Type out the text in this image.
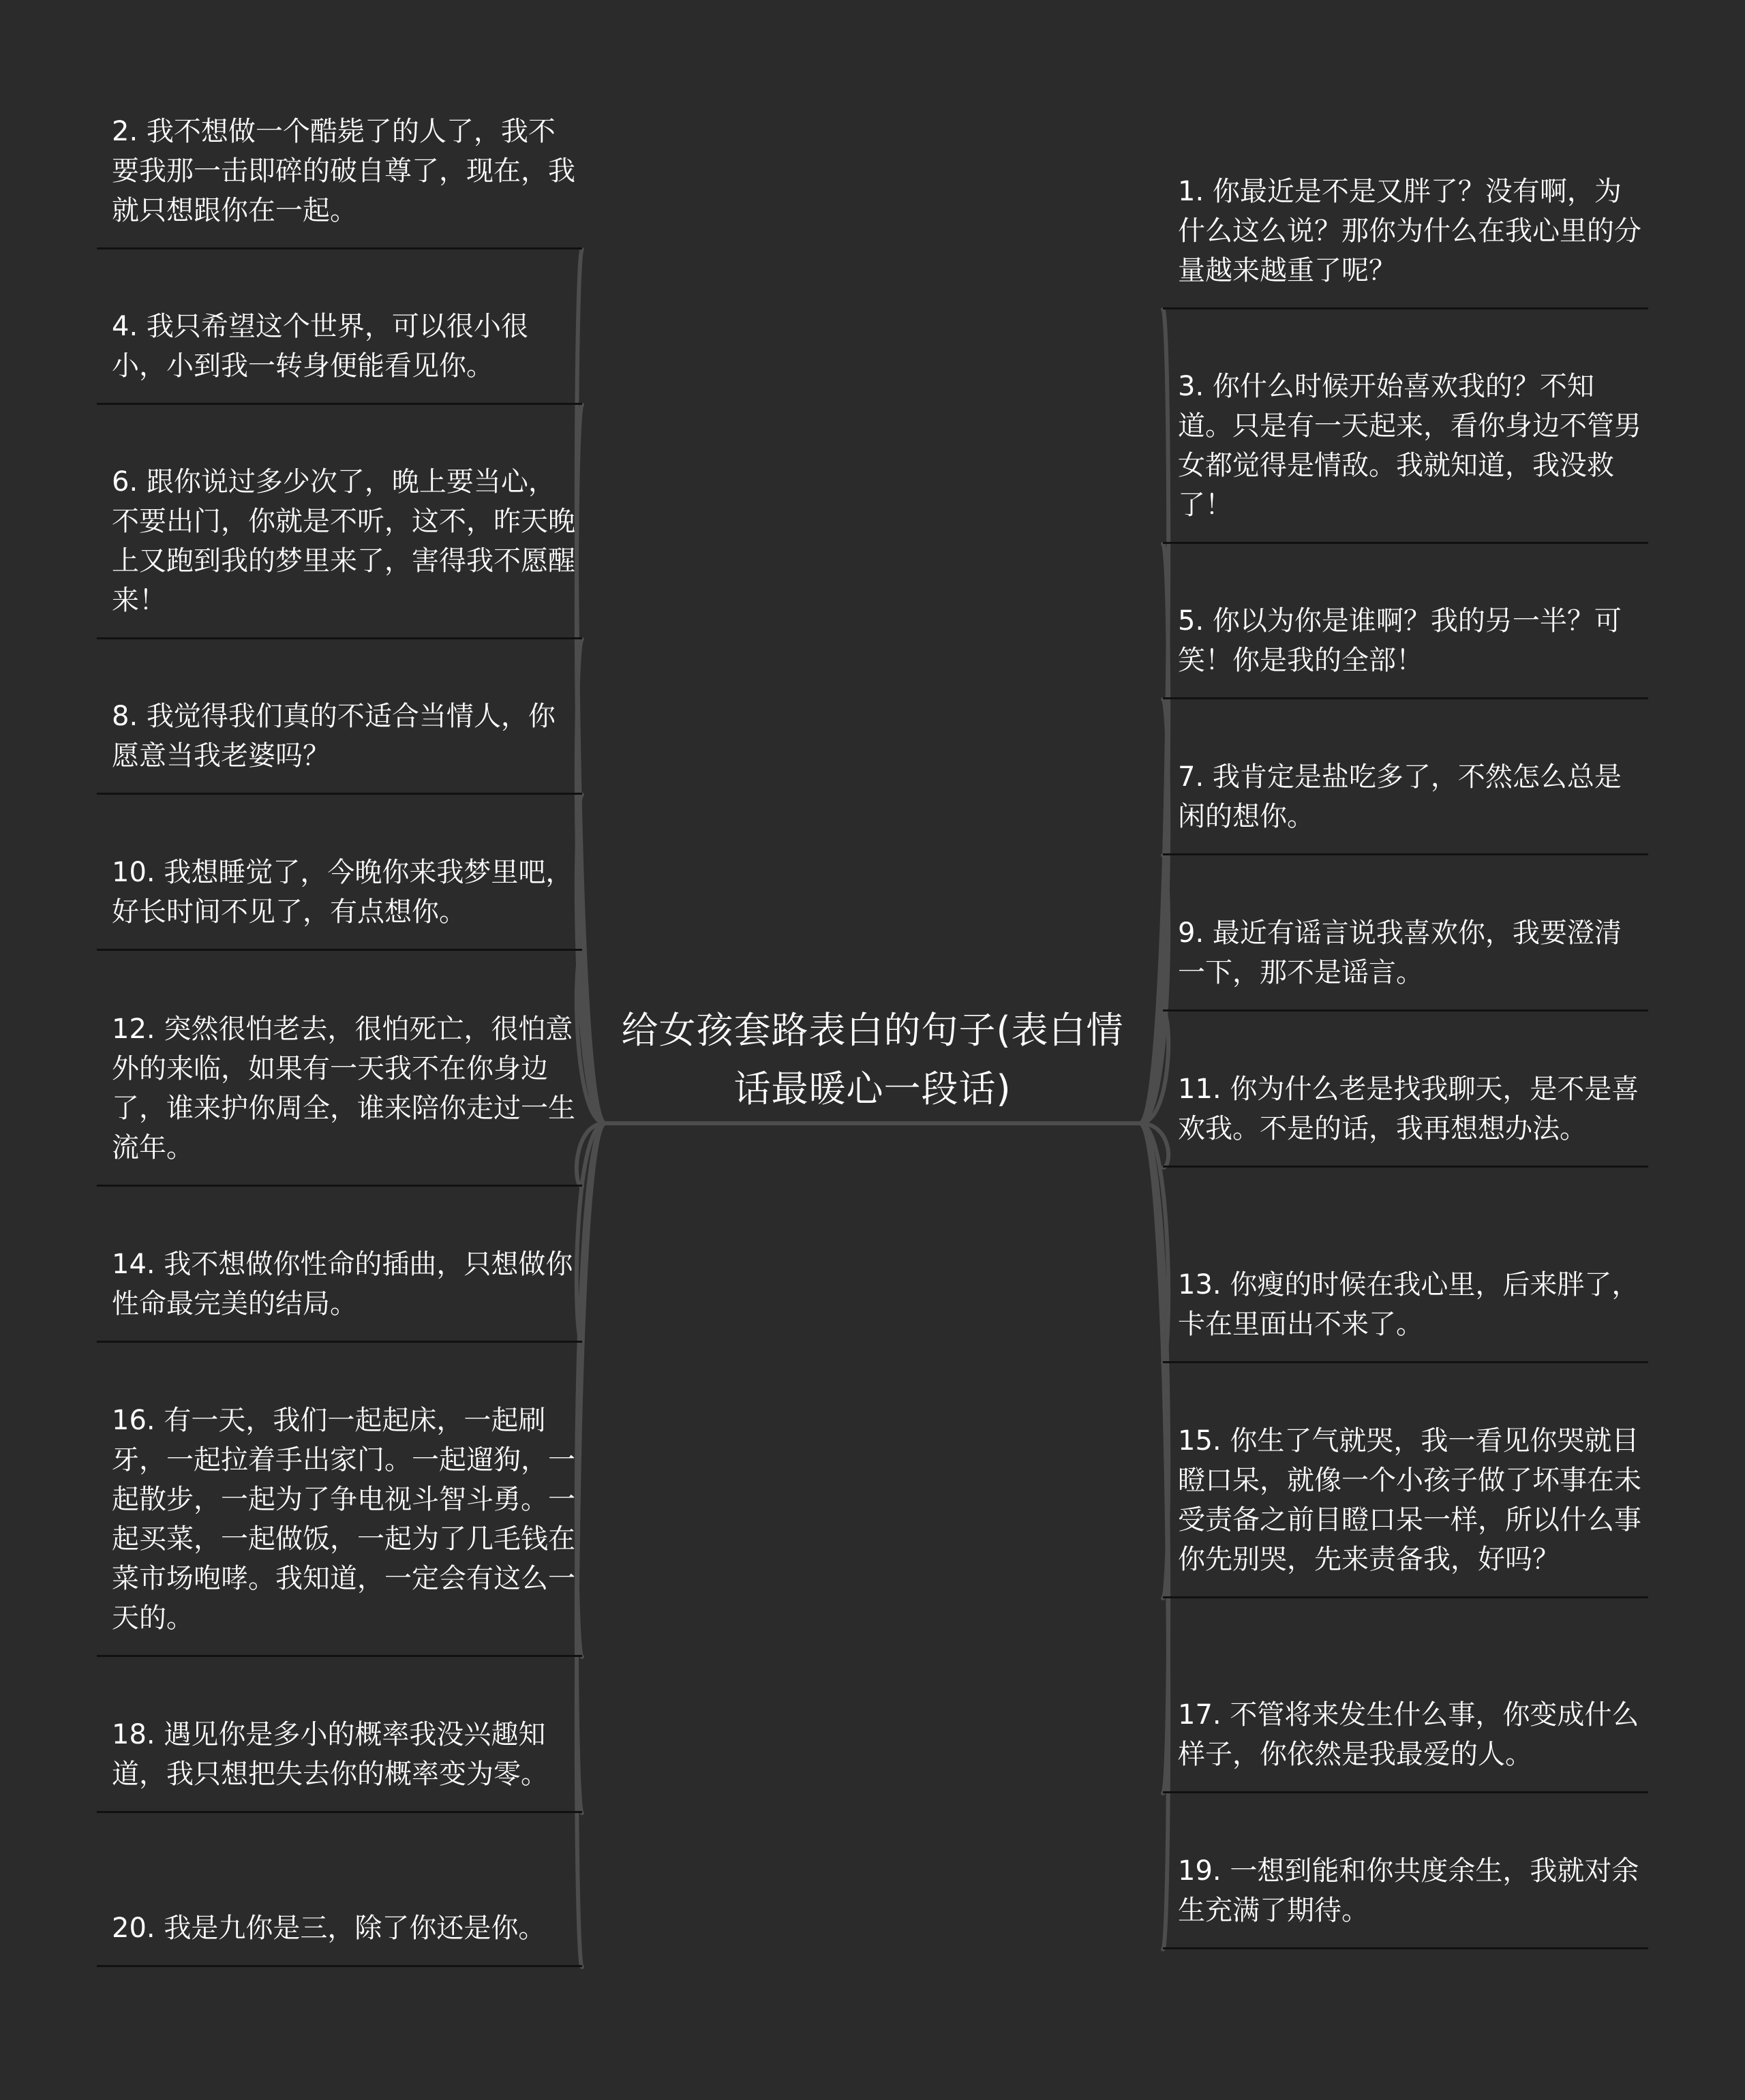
给女孩套路表白的句子(表白情话最暖心一段话)
2. 我不想做一个酷毙了的人了，我不要我那一击即碎的破自尊了，现在，我就只想跟你在一起。
4. 我只希望这个世界，可以很小很小，小到我一转身便能看见你。
6. 跟你说过多少次了，晚上要当心，不要出门，你就是不听，这不，昨天晚上又跑到我的梦里来了，害得我不愿醒来！
8. 我觉得我们真的不适合当情人，你愿意当我老婆吗？
10. 我想睡觉了，今晚你来我梦里吧，好长时间不见了，有点想你。
12. 突然很怕老去，很怕死亡，很怕意外的来临，如果有一天我不在你身边了，谁来护你周全，谁来陪你走过一生流年。
14. 我不想做你性命的插曲，只想做你性命最完美的结局。
16. 有一天，我们一起起床，一起刷牙，一起拉着手出家门。一起遛狗，一起散步，一起为了争电视斗智斗勇。一起买菜，一起做饭，一起为了几毛钱在菜市场咆哮。我知道，一定会有这么一天的。
18. 遇见你是多小的概率我没兴趣知道，我只想把失去你的概率变为零。
20. 我是九你是三，除了你还是你。
1. 你最近是不是又胖了？没有啊，为什么这么说？那你为什么在我心里的分量越来越重了呢？
3. 你什么时候开始喜欢我的？不知道。只是有一天起来，看你身边不管男女都觉得是情敌。我就知道，我没救了！
5. 你以为你是谁啊？我的另一半？可笑！你是我的全部！
7. 我肯定是盐吃多了，不然怎么总是闲的想你。
9. 最近有谣言说我喜欢你，我要澄清一下，那不是谣言。
11. 你为什么老是找我聊天，是不是喜欢我。不是的话，我再想想办法。
13. 你瘦的时候在我心里，后来胖了，卡在里面出不来了。
15. 你生了气就哭，我一看见你哭就目瞪口呆，就像一个小孩子做了坏事在未受责备之前目瞪口呆一样，所以什么事你先别哭，先来责备我，好吗？
17. 不管将来发生什么事，你变成什么样子，你依然是我最爱的人。
19. 一想到能和你共度余生，我就对余生充满了期待。
